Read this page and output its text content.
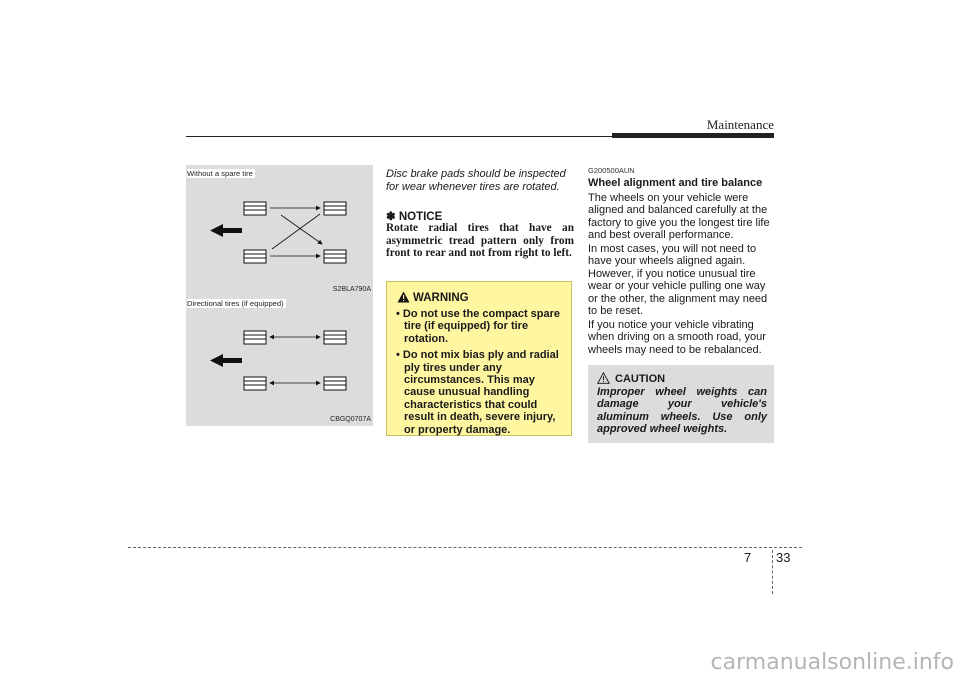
Maintenance
Without a spare tire
S2BLA790A
Directional tires (if equipped)
CBGQ0707A
Disc brake pads should be inspected for wear whenever tires are rotated.
✽ NOTICE
Rotate radial tires that have an asymmetric tread pattern only from front to rear and not from right to left.
WARNING
• Do not use the compact spare tire (if equipped) for tire rotation.
• Do not mix bias ply and radial ply tires under any circumstances. This may cause unusual handling characteristics that could result in death, severe injury, or property damage.
G200500AUN
Wheel alignment and tire balance
The wheels on your vehicle were aligned and balanced carefully at the factory to give you the longest tire life and best overall performance.
In most cases, you will not need to have your wheels aligned again. However, if you notice unusual tire wear or your vehicle pulling one way or the other, the alignment may need to be reset.
If you notice your vehicle vibrating when driving on a smooth road, your wheels may need to be rebalanced.
CAUTION
Improper wheel weights can damage your vehicle's aluminum wheels. Use only approved wheel weights.
7 33
carmanualsonline.info
